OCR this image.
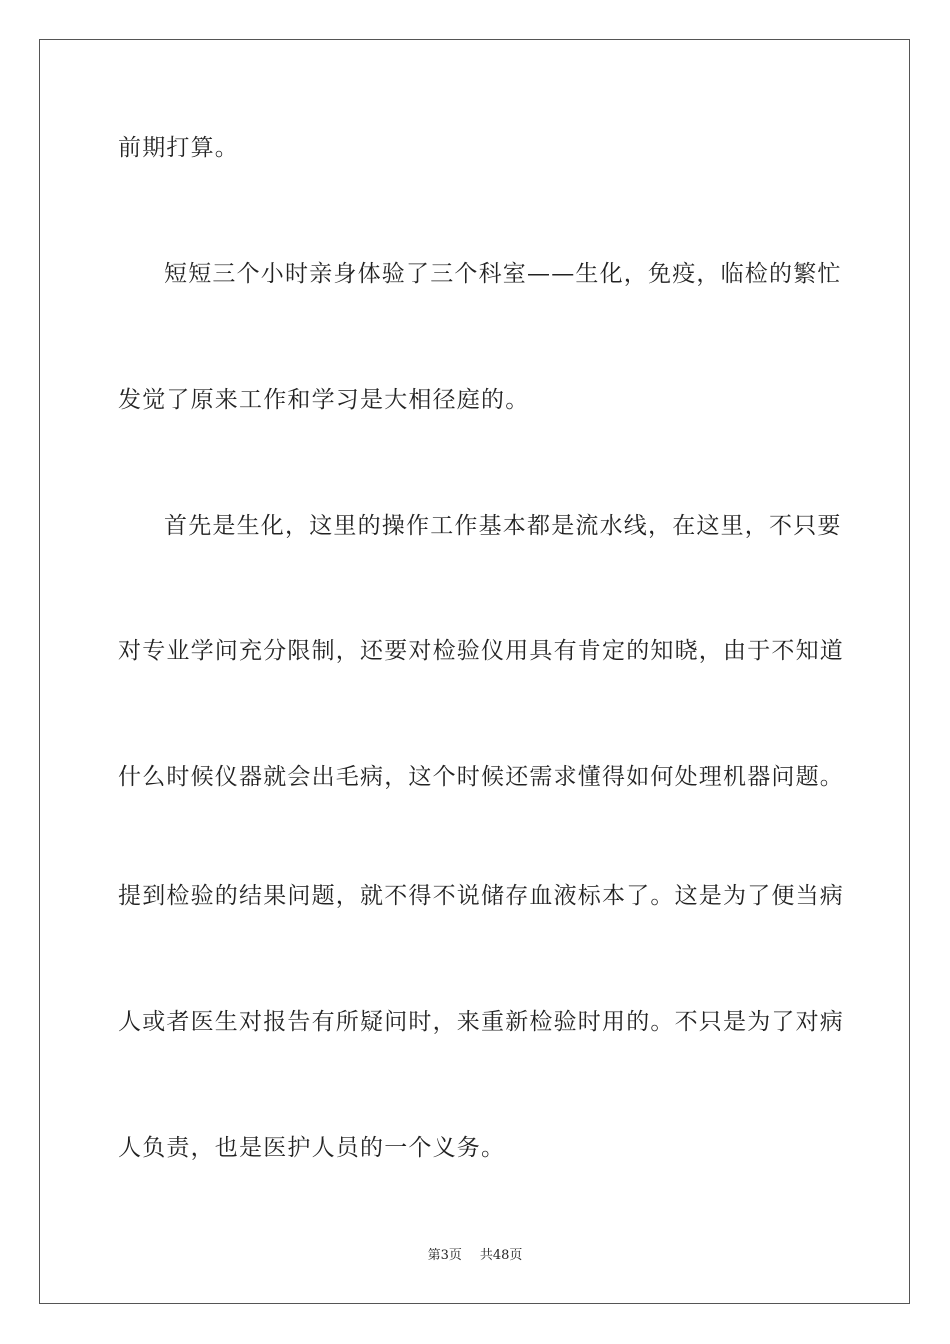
前期打算。
短短三个小时亲身体验了三个科室——生化，免疫，临检的繁忙
发觉了原来工作和学习是大相径庭的。
首先是生化，这里的操作工作基本都是流水线，在这里，不只要
对专业学问充分限制，还要对检验仪用具有肯定的知晓，由于不知道
什么时候仪器就会出毛病，这个时候还需求懂得如何处理机器问题。
提到检验的结果问题，就不得不说储存血液标本了。这是为了便当病
人或者医生对报告有所疑问时，来重新检验时用的。不只是为了对病
人负责，也是医护人员的一个义务。
第3页 共48页
